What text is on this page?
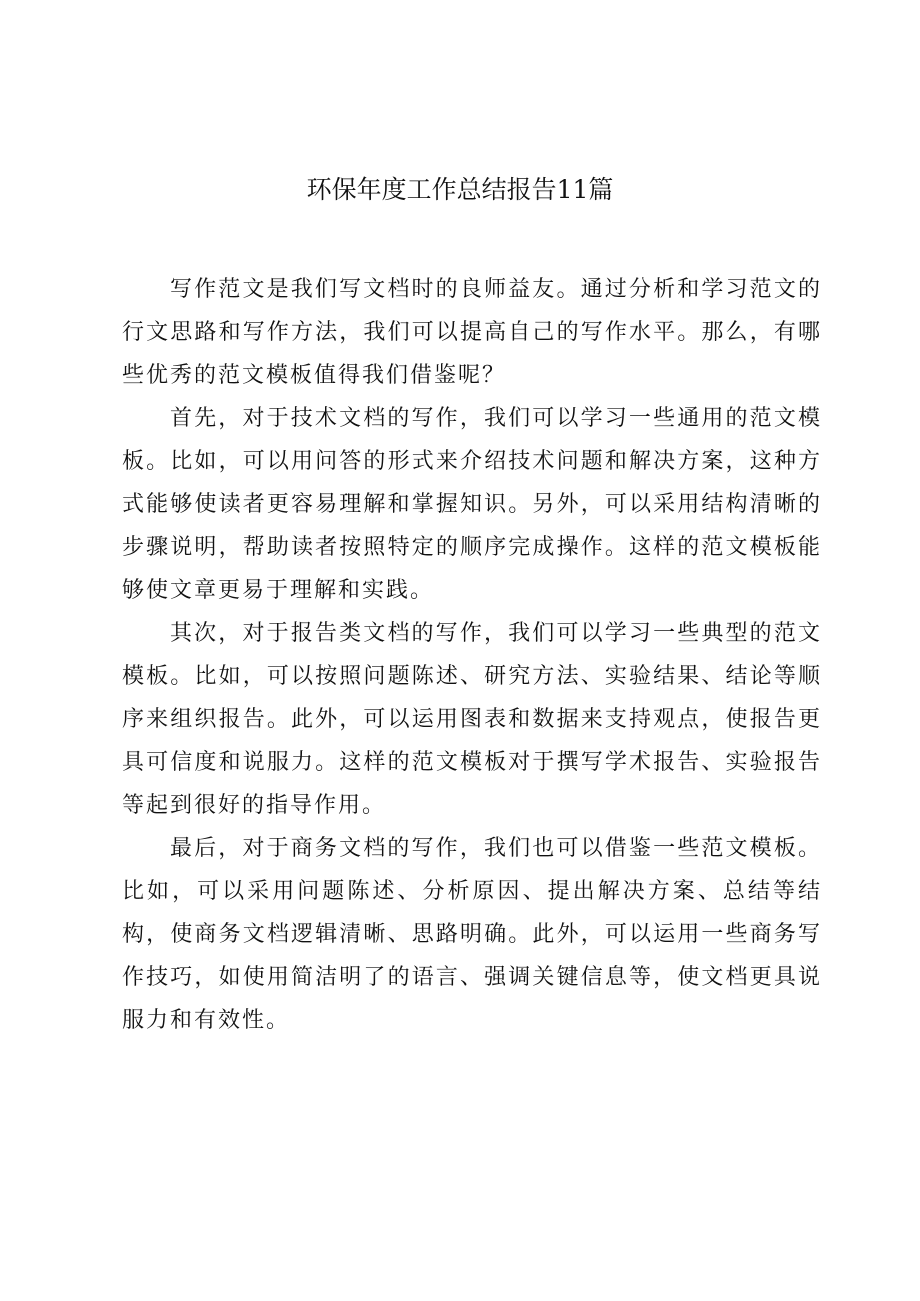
环保年度工作总结报告11篇

写作范文是我们写文档时的良师益友。通过分析和学习范文的行文思路和写作方法，我们可以提高自己的写作水平。那么，有哪些优秀的范文模板值得我们借鉴呢？

首先，对于技术文档的写作，我们可以学习一些通用的范文模板。比如，可以用问答的形式来介绍技术问题和解决方案，这种方式能够使读者更容易理解和掌握知识。另外，可以采用结构清晰的步骤说明，帮助读者按照特定的顺序完成操作。这样的范文模板能够使文章更易于理解和实践。

其次，对于报告类文档的写作，我们可以学习一些典型的范文模板。比如，可以按照问题陈述、研究方法、实验结果、结论等顺序来组织报告。此外，可以运用图表和数据来支持观点，使报告更具可信度和说服力。这样的范文模板对于撰写学术报告、实验报告等起到很好的指导作用。

最后，对于商务文档的写作，我们也可以借鉴一些范文模板。比如，可以采用问题陈述、分析原因、提出解决方案、总结等结构，使商务文档逻辑清晰、思路明确。此外，可以运用一些商务写作技巧，如使用简洁明了的语言、强调关键信息等，使文档更具说服力和有效性。
